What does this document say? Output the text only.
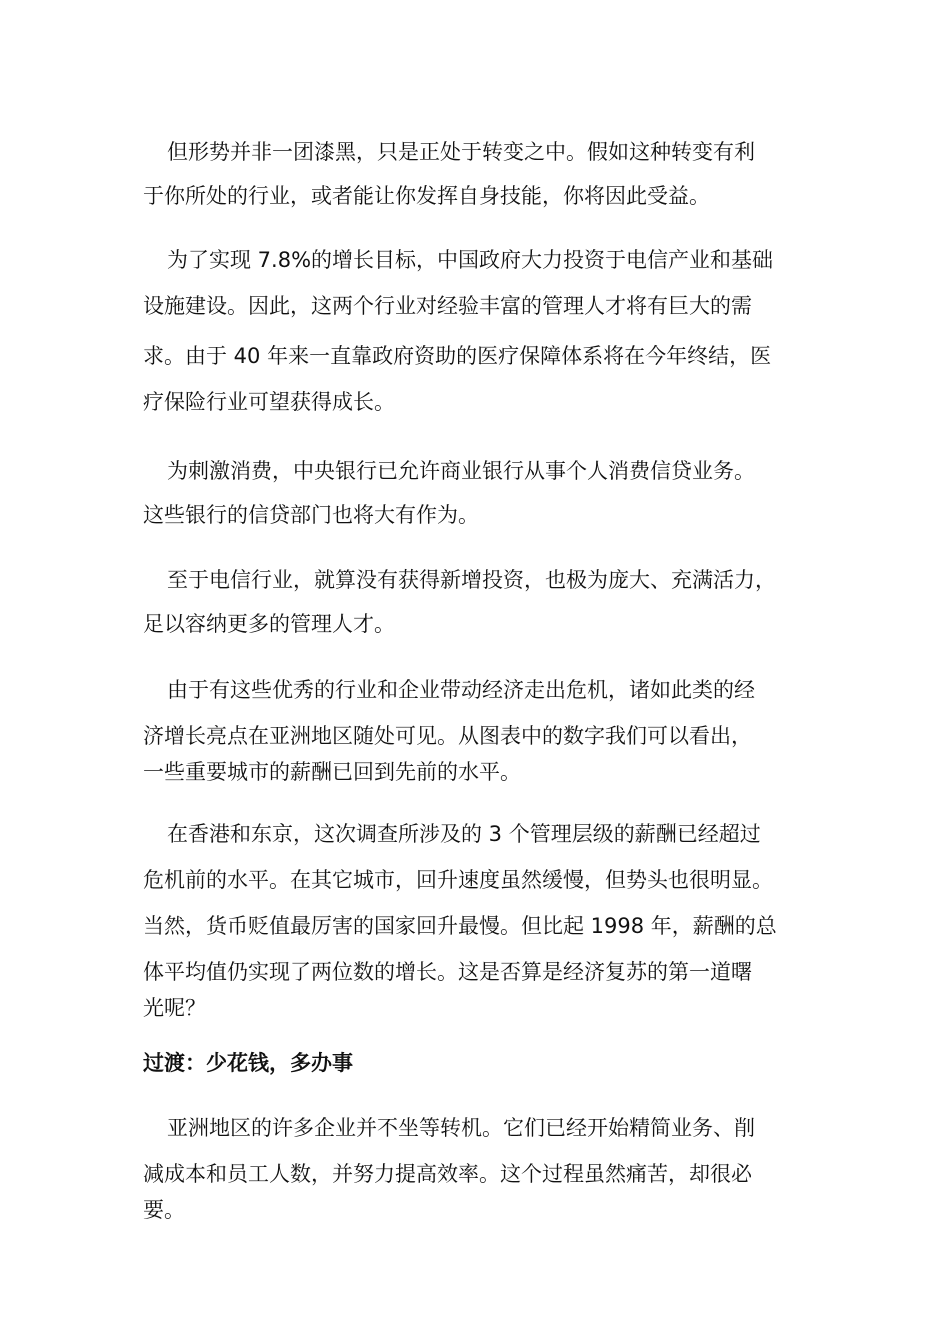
但形势并非一团漆黑，只是正处于转变之中。假如这种转变有利
于你所处的行业，或者能让你发挥自身技能，你将因此受益。
为了实现 7.8%的增长目标，中国政府大力投资于电信产业和基础
设施建设。因此，这两个行业对经验丰富的管理人才将有巨大的需
求。由于 40 年来一直靠政府资助的医疗保障体系将在今年终结，医
疗保险行业可望获得成长。
为刺激消费，中央银行已允许商业银行从事个人消费信贷业务。
这些银行的信贷部门也将大有作为。
至于电信行业，就算没有获得新增投资，也极为庞大、充满活力，
足以容纳更多的管理人才。
由于有这些优秀的行业和企业带动经济走出危机，诸如此类的经
济增长亮点在亚洲地区随处可见。从图表中的数字我们可以看出，
一些重要城市的薪酬已回到先前的水平。
在香港和东京，这次调查所涉及的 3 个管理层级的薪酬已经超过
危机前的水平。在其它城市，回升速度虽然缓慢，但势头也很明显。
当然，货币贬值最厉害的国家回升最慢。但比起 1998 年，薪酬的总
体平均值仍实现了两位数的增长。这是否算是经济复苏的第一道曙
光呢？
过渡：少花钱，多办事
亚洲地区的许多企业并不坐等转机。它们已经开始精简业务、削
减成本和员工人数，并努力提高效率。这个过程虽然痛苦，却很必
要。
